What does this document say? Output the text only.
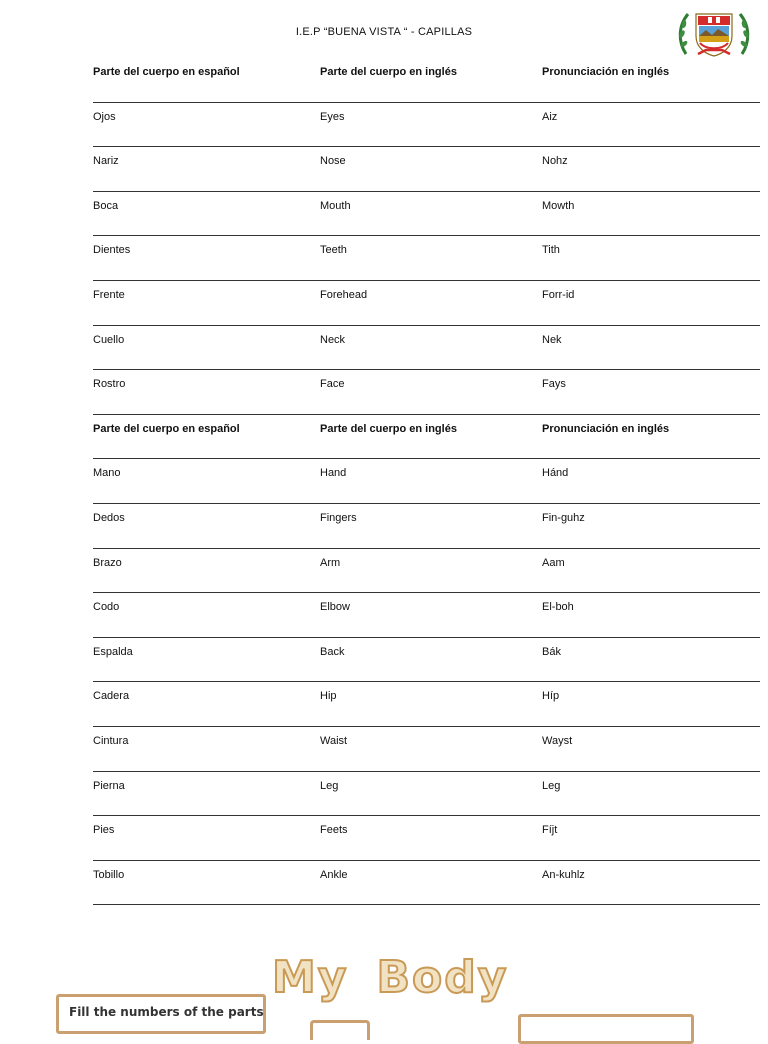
I.E.P “BUENA VISTA “ - CAPILLAS
Parte del cuerpo en español	Parte del cuerpo en inglés	Pronunciación en inglés
Ojos	Eyes	Aiz
Nariz	Nose	Nohz
Boca	Mouth	Mowth
Dientes	Teeth	Tith
Frente	Forehead	Forr-id
Cuello	Neck	Nek
Rostro	Face	Fays
Parte del cuerpo en español	Parte del cuerpo en inglés	Pronunciación en inglés
Mano	Hand	Hánd
Dedos	Fingers	Fin-guhz
Brazo	Arm	Aam
Codo	Elbow	El-boh
Espalda	Back	Bák
Cadera	Hip	Híp
Cintura	Waist	Wayst
Pierna	Leg	Leg
Pies	Feets	Fíjt
Tobillo	Ankle	An-kuhlz
My Body
Fill the numbers of the parts
